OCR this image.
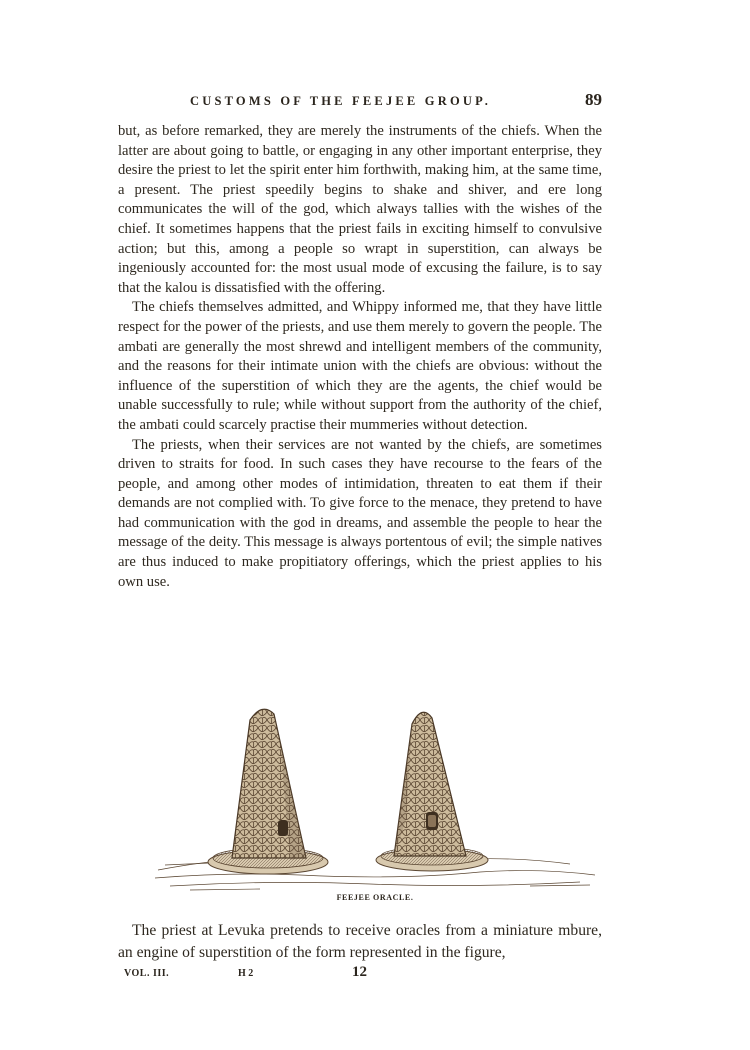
CUSTOMS OF THE FEEJEE GROUP.	89

but, as before remarked, they are merely the instruments of the chiefs. When the latter are about going to battle, or engaging in any other important enterprise, they desire the priest to let the spirit enter him forthwith, making him, at the same time, a present. The priest speedily begins to shake and shiver, and ere long communicates the will of the god, which always tallies with the wishes of the chief. It sometimes happens that the priest fails in exciting himself to convulsive action; but this, among a people so wrapt in superstition, can always be ingeniously accounted for: the most usual mode of excusing the failure, is to say that the kalou is dissatisfied with the offering.

The chiefs themselves admitted, and Whippy informed me, that they have little respect for the power of the priests, and use them merely to govern the people. The ambati are generally the most shrewd and intelligent members of the community, and the reasons for their intimate union with the chiefs are obvious: without the influence of the superstition of which they are the agents, the chief would be unable successfully to rule; while without support from the authority of the chief, the ambati could scarcely practise their mummeries without detection.

The priests, when their services are not wanted by the chiefs, are sometimes driven to straits for food. In such cases they have recourse to the fears of the people, and among other modes of intimidation, threaten to eat them if their demands are not complied with. To give force to the menace, they pretend to have had communication with the god in dreams, and assemble the people to hear the message of the deity. This message is always portentous of evil; the simple natives are thus induced to make propitiatory offerings, which the priest applies to his own use.

FEEJEE ORACLE.

The priest at Levuka pretends to receive oracles from a miniature mbure, an engine of superstition of the form represented in the figure,

VOL. III.	H 2	12
